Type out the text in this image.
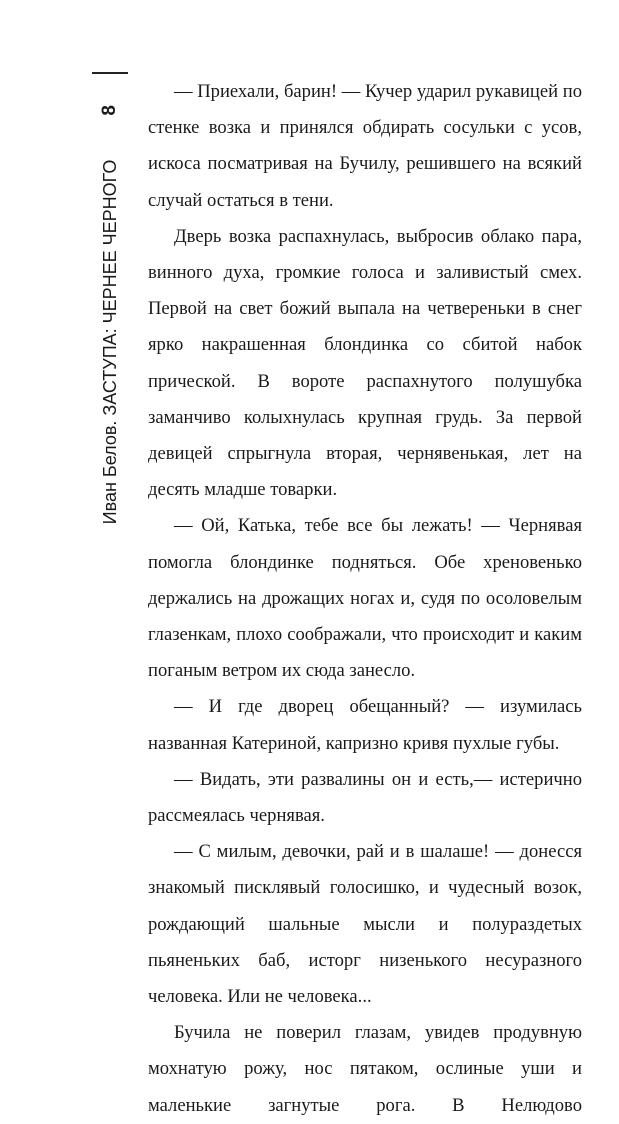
Иван Белов. ЗАСТУПА: ЧЕРНЕЕ ЧЕРНОГО
8

— Приехали, барин! — Кучер ударил рукавицей по стенке возка и принялся обдирать сосульки с усов, искоса посматривая на Бучилу, решившего на всякий случай остаться в тени.

Дверь возка распахнулась, выбросив облако пара, винного духа, громкие голоса и заливистый смех. Первой на свет божий выпала на четвереньки в снег ярко накрашенная блондинка со сбитой набок прической. В вороте распахнутого полушубка заманчиво колыхнулась крупная грудь. За первой девицей спрыгнула вторая, чернявенькая, лет на десять младше товарки.

— Ой, Катька, тебе все бы лежать! — Чернявая помогла блондинке подняться. Обе хреновенько держались на дрожащих ногах и, судя по осоловелым глазенкам, плохо соображали, что происходит и каким поганым ветром их сюда занесло.

— И где дворец обещанный? — изумилась названная Катериной, капризно кривя пухлые губы.

— Видать, эти развалины он и есть,— истерично рассмеялась чернявая.

— С милым, девочки, рай и в шалаше! — донесся знакомый писклявый голосишко, и чудесный возок, рождающий шальные мысли и полураздетых пьяненьких баб, исторг низенького несуразного человека. Или не человека...

Бучила не поверил глазам, увидев продувную мохнатую рожу, нос пятаком, ослиные уши и маленькие загнутые рога. В Нелюдово
